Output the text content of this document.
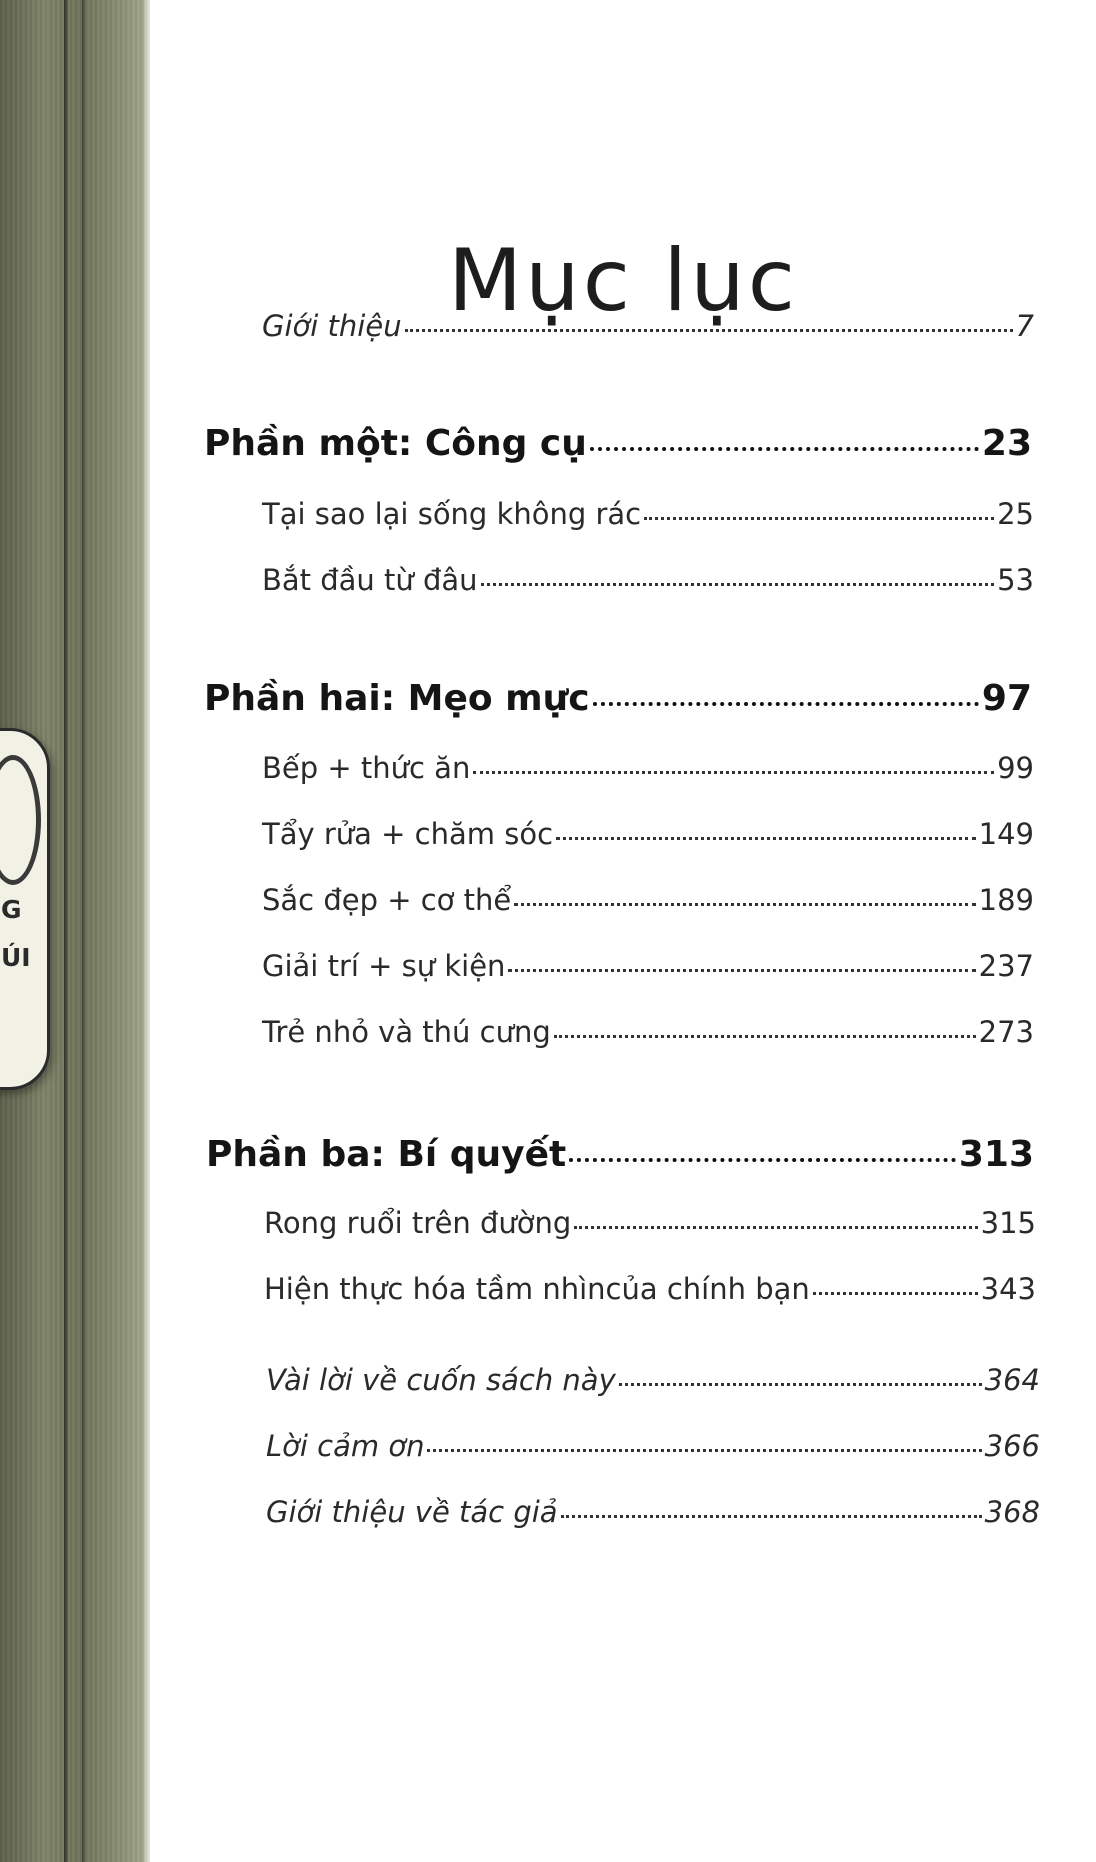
G
ÚI
Mục lục
Giới thiệu	7
Phần một: Công cụ	23
Tại sao lại sống không rác	25
Bắt đầu từ đâu	53
Phần hai: Mẹo mực	97
Bếp + thức ăn	99
Tẩy rửa + chăm sóc	149
Sắc đẹp + cơ thể	189
Giải trí + sự kiện	237
Trẻ nhỏ và thú cưng	273
Phần ba: Bí quyết	313
Rong ruổi trên đường	315
Hiện thực hóa tầm nhìncủa chính bạn	343
Vài lời về cuốn sách này	364
Lời cảm ơn	366
Giới thiệu về tác giả	368
